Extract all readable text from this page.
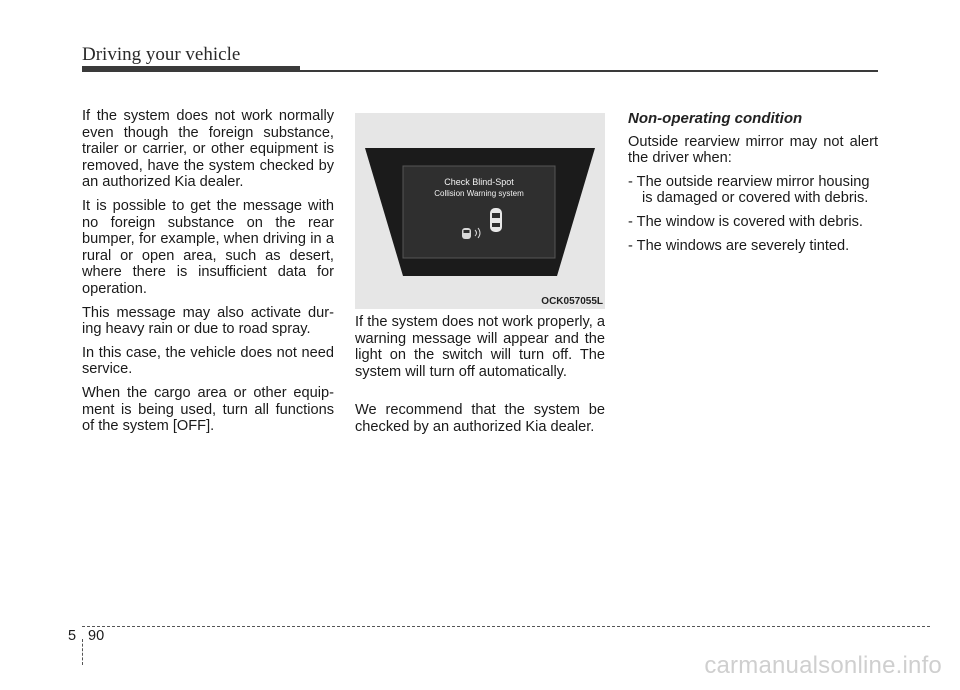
Driving your vehicle

If the system does not work normally even though the foreign substance, trailer or carrier, or other equipment is removed, have the system checked by an authorized Kia dealer.

It is possible to get the message with no foreign substance on the rear bumper, for example, when driving in a rural or open area, such as desert, where there is insufficient data for operation.

This message may also activate dur-ing heavy rain or due to road spray.

In this case, the vehicle does not need service.

When the cargo area or other equip-ment is being used, turn all functions of the system [OFF].

Check Blind-Spot
Collision Warning system
OCK057055L

If the system does not work properly, a warning message will appear and the light on the switch will turn off. The system will turn off automatically.

We recommend that the system be checked by an authorized Kia dealer.

Non-operating condition

Outside rearview mirror may not alert the driver when:

- The outside rearview mirror housing is damaged or covered with debris.

- The window is covered with debris.

- The windows are severely tinted.

5 90
carmanualsonline.info
